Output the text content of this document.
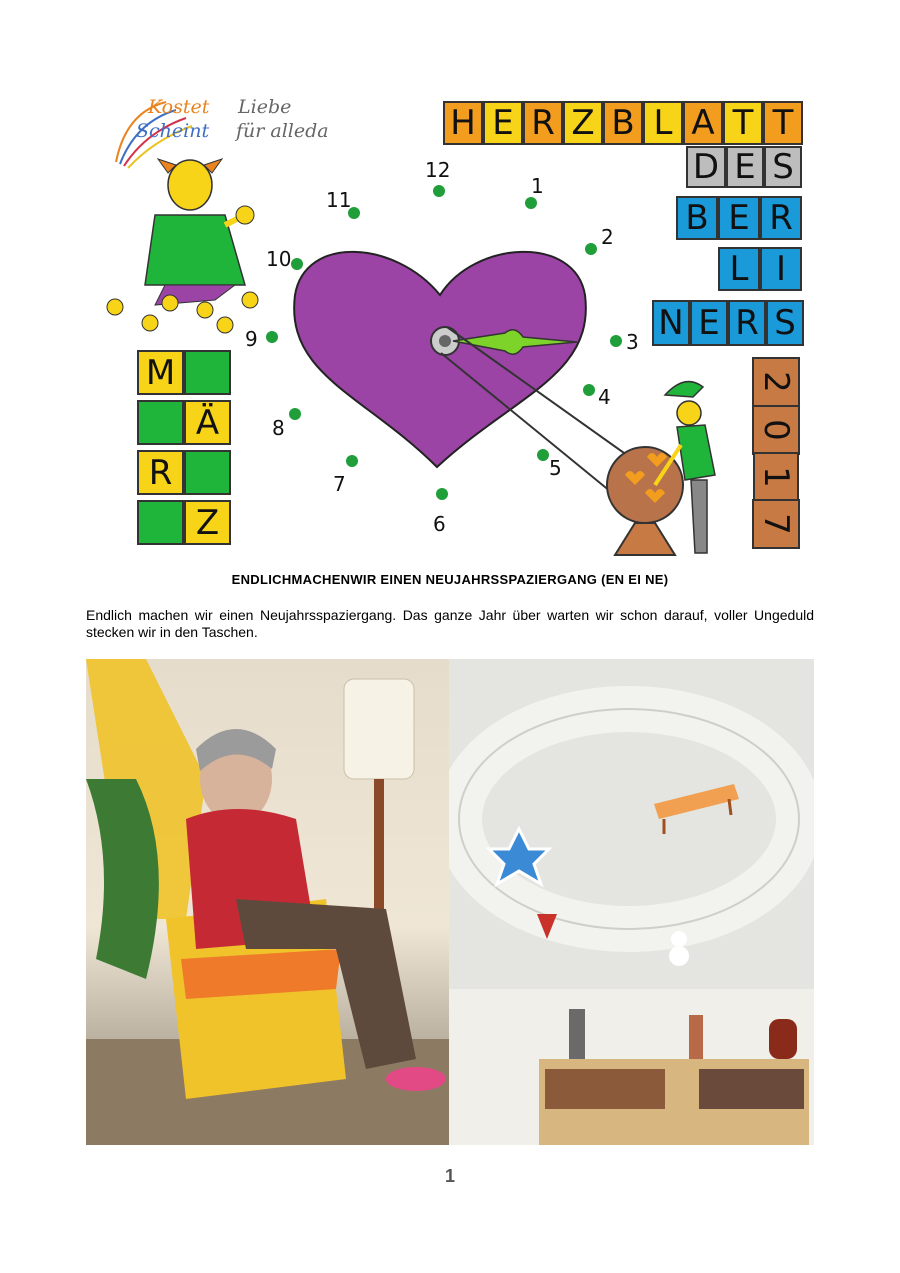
Kostet Liebe
Scheint für alleda
12
1
2
3
4
5
6
7
8
9
10
11
H E R Z B L A T T
D E S
B E R
L I
N E R S
2
0
1
7
M
Ä
R
Z
ENDLICHMACHENWIR EINEN NEUJAHRSSPAZIERGANG (EN EI NE)
Endlich machen wir einen Neujahrsspaziergang. Das ganze Jahr über warten wir schon darauf, voller Ungeduld stecken wir in den Taschen.
1
